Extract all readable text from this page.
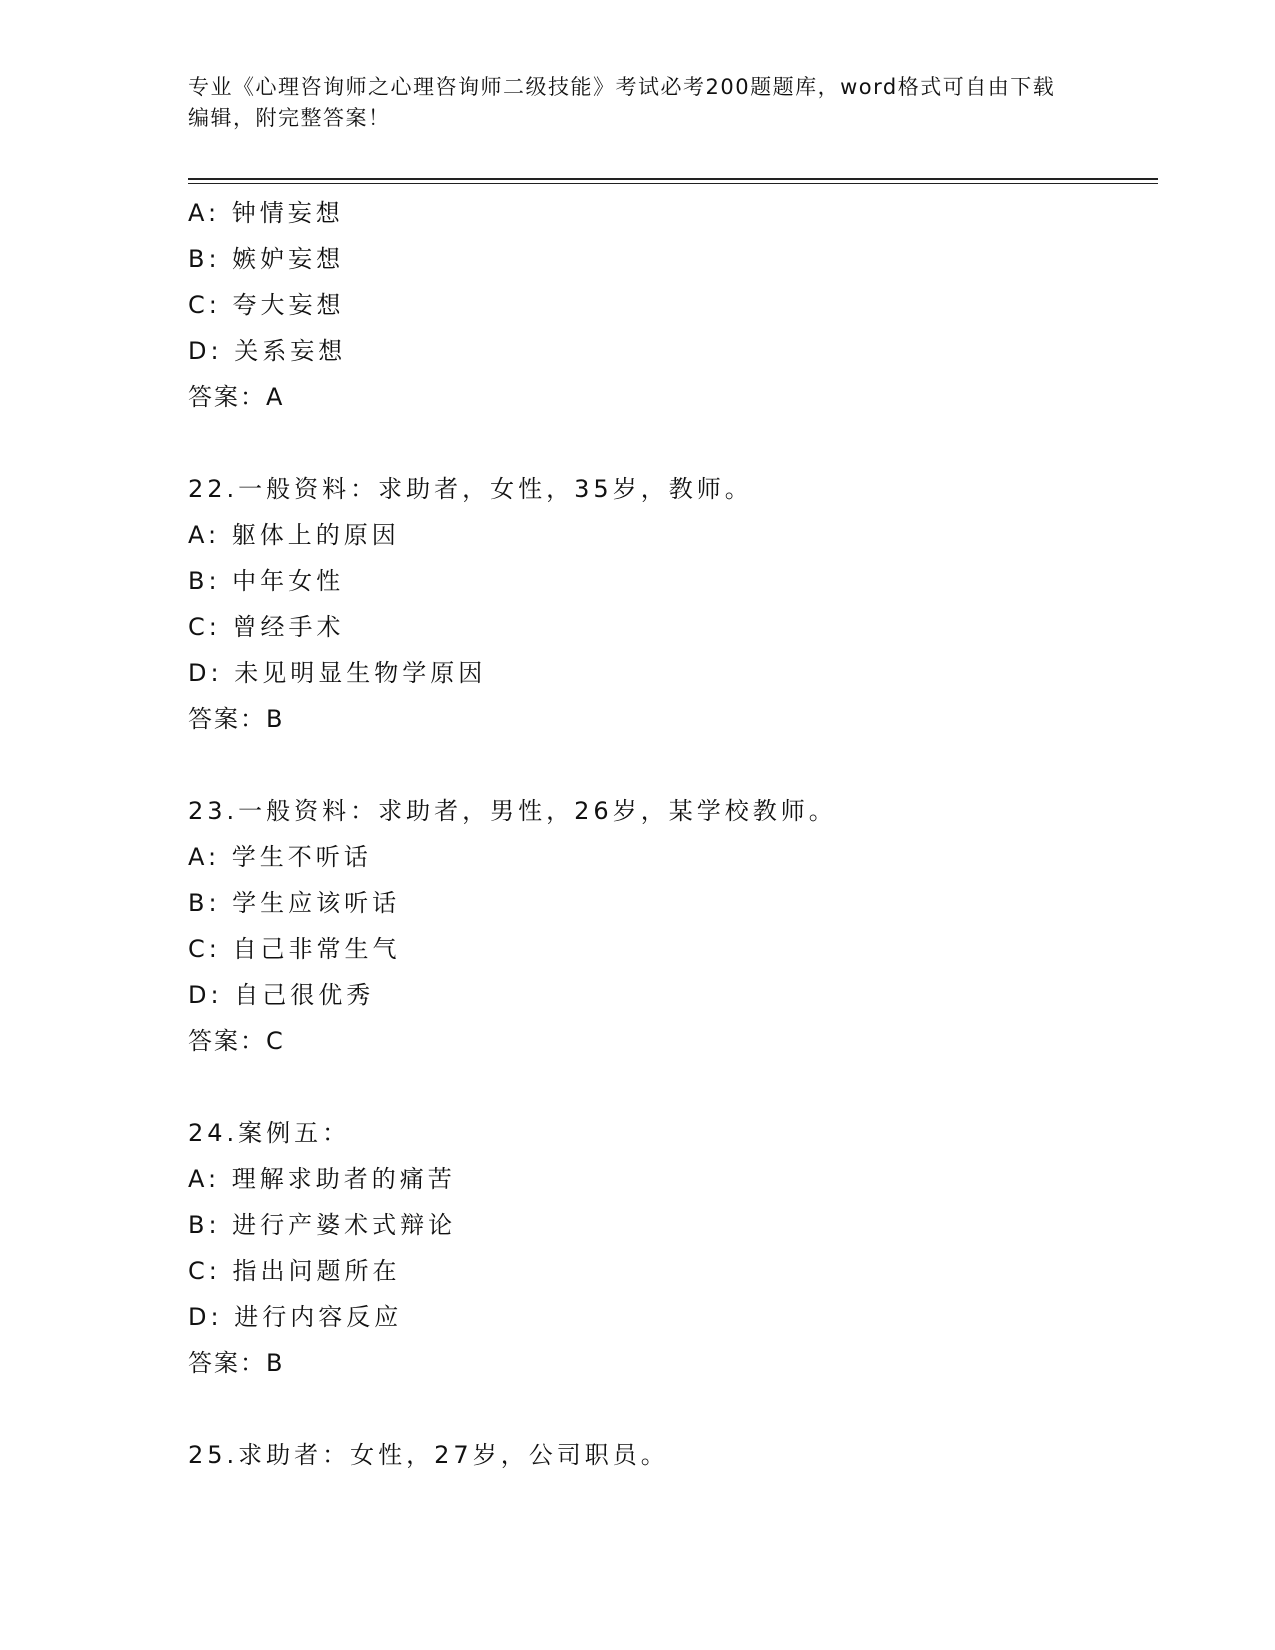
专业《心理咨询师之心理咨询师二级技能》考试必考200题题库，word格式可自由下载编辑，附完整答案！
A: 钟情妄想
B: 嫉妒妄想
C: 夸大妄想
D: 关系妄想
答案：A
22.一般资料：求助者，女性，35岁，教师。
A: 躯体上的原因
B: 中年女性
C: 曾经手术
D: 未见明显生物学原因
答案：B
23.一般资料：求助者，男性，26岁，某学校教师。
A: 学生不听话
B: 学生应该听话
C: 自己非常生气
D: 自己很优秀
答案：C
24.案例五：
A: 理解求助者的痛苦
B: 进行产婆术式辩论
C: 指出问题所在
D: 进行内容反应
答案：B
25.求助者：女性，27岁，公司职员。
